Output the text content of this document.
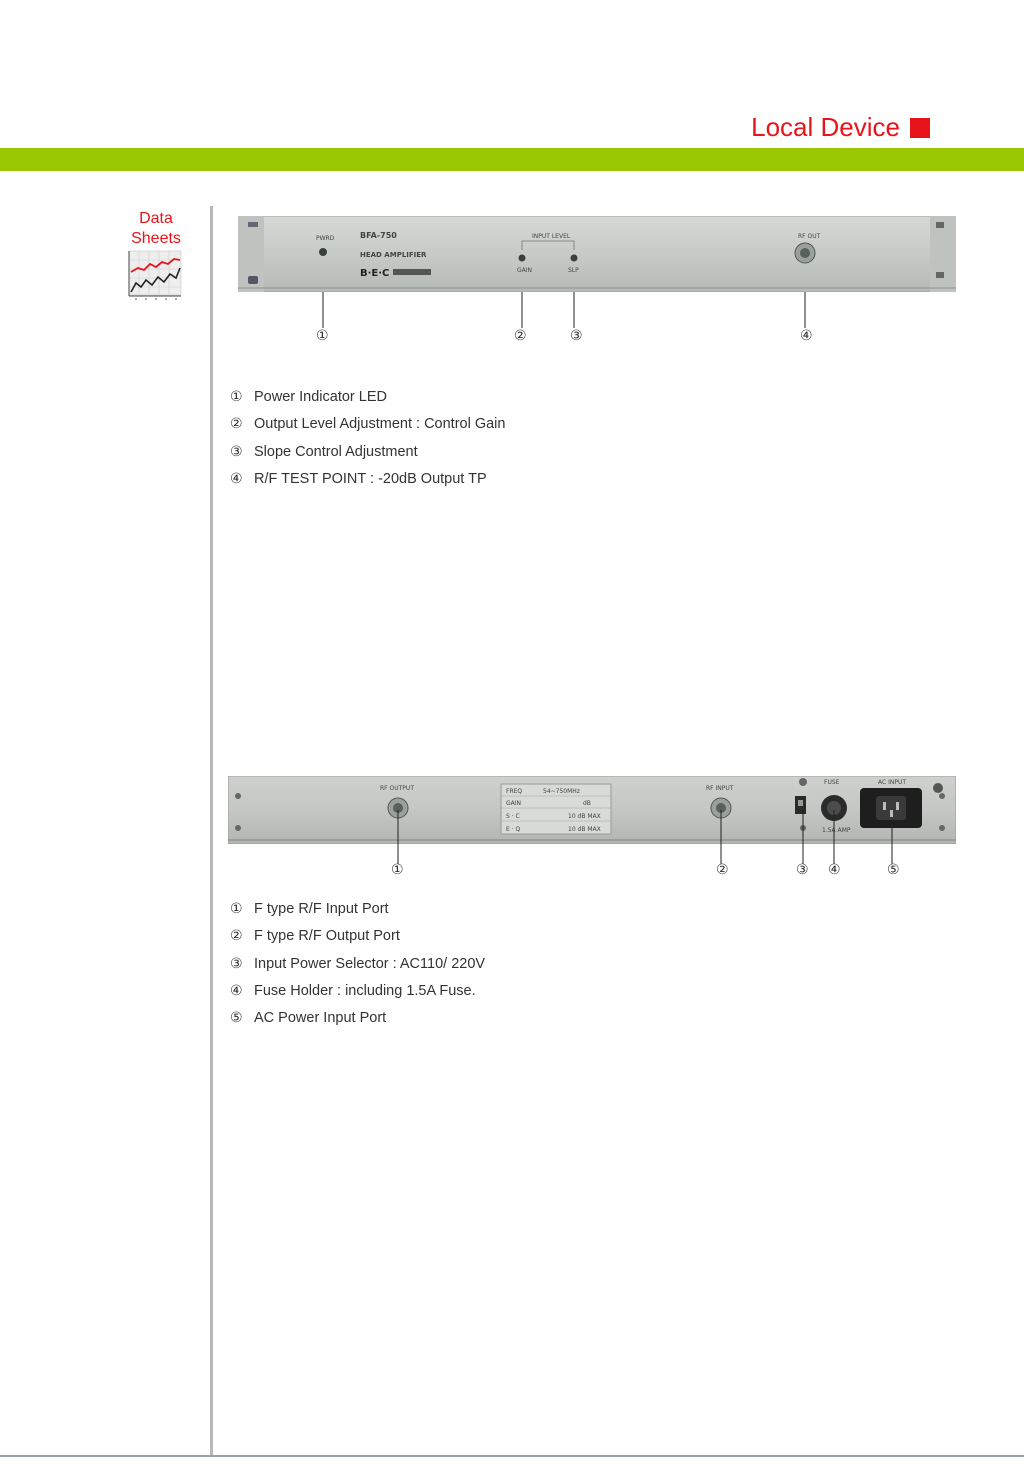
Local Device
Data
Sheets	PWRD	BFA-750
HEAD AMPLIFIER
B·E·C
INPUT LEVEL
GAIN	SLP
RF OUT
①	②	③	④
① Power Indicator LED
② Output Level Adjustment : Control Gain
③ Slope Control Adjustment
④ R/F TEST POINT : -20dB Output TP
RF OUTPUT	FREQ	54~750MHz
GAIN	dB
S · C	10 dB MAX
E · Q	10 dB MAX
RF INPUT
FUSE
1.5A AMP
AC INPUT
①	②	③ ④	⑤
① F type R/F Input Port
② F type R/F Output Port
③ Input Power Selector : AC110/ 220V
④ Fuse Holder : including 1.5A Fuse.
⑤ AC Power Input Port
